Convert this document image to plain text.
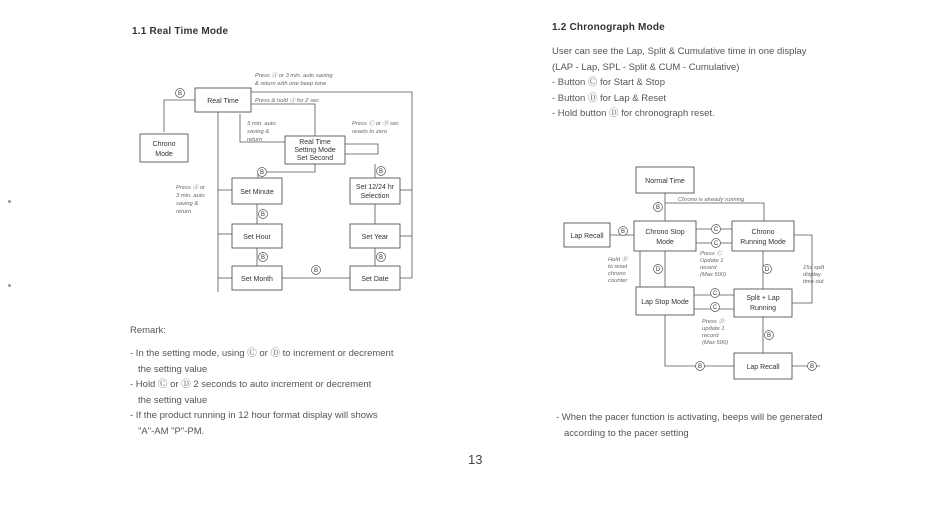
1.1 Real Time Mode
Real Time
B
Chrono
Mode
Press Ⓐ or 3 min. auto saving
& return with one beep tone
Press & hold Ⓐ for 2 sec
Real Time
Setting Mode
Set Second
3 min. auto
saving &
return
Press Ⓒ or Ⓓ sec
resets to zero
B
Set Minute
B
Set Hour
B
Set Month
Press Ⓐ or
3 min. auto
saving &
return
B
Set 12/24 hr
Selection
B
Set Year
B
Set Date
Remark:
- In the setting mode, using Ⓒ or Ⓓ to increment or decrement
the setting value
- Hold Ⓒ or Ⓓ 2 seconds to auto increment or decrement
the setting value
- If the product running in 12 hour format display will shows
"A"-AM "P"-PM.
1.2 Chronograph Mode
User can see the Lap, Split & Cumulative time in one display
(LAP - Lap, SPL - Split & CUM - Cumulative)
- Button Ⓒ for Start & Stop
- Button Ⓓ for Lap & Reset
- Hold button Ⓓ for chronograph reset.
Normal Time
B
Chrono is already running
Lap Recall
B	Chrono Stop
Mode
Chrono
Running Mode
C
C
Press Ⓒ
Update 1
record
(Max 500)
Hold Ⓓ
to reset
chrono
counter
D	D	15s split
display
time out
Lap Stop Mode
Split + Lap
Running
C
C
Press Ⓓ
update 1
record
(Max 500)
B
Lap Recall
B	B
- When the pacer function is activating, beeps will be generated
according to the pacer setting
13
